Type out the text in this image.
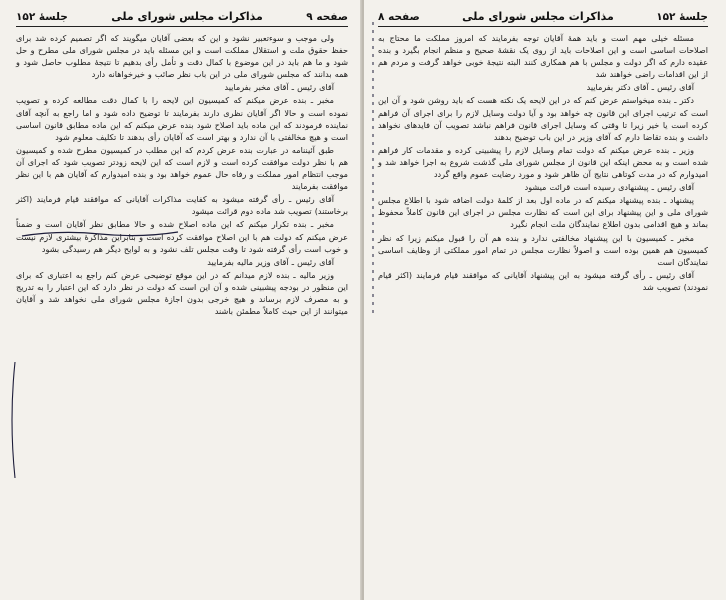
صفحه ۹
مذاکرات مجلس شورای ملی
جلسهٔ ۱۵۲

ولی موجب و سوءتعبیر نشود و این که بعضی آقایان میگویند که اگر تصمیم کرده شد برای حفظ حقوق ملت و استقلال مملکت است و این مسئله باید در مجلس شورای ملی مطرح و حل شود و ما هم باید در این موضوع با کمال دقت و تأمل رأی بدهیم تا نتیجهٔ مطلوب حاصل شود و همه بدانند که مجلس شورای ملی در این باب نظر صائب و خیرخواهانه دارد

آقای رئیس ـ آقای مخبر بفرمایید

مخبر ـ بنده عرض میکنم که کمیسیون این لایحه را با کمال دقت مطالعه کرده و تصویب نموده است و حالا اگر آقایان نظری دارند بفرمایند تا توضیح داده شود و اما راجع به آنچه آقای نماینده فرمودند که این ماده باید اصلاح شود بنده عرض میکنم که این ماده مطابق قانون اساسی است و هیچ مخالفتی با آن ندارد و بهتر است که آقایان رأی بدهند تا تکلیف معلوم شود

طبق آئیننامه در عبارت بنده عرض کردم که این مطلب در کمیسیون مطرح شده و کمیسیون هم با نظر دولت موافقت کرده است و لازم است که این لایحه زودتر تصویب شود که اجرای آن موجب انتظام امور مملکت و رفاه حال عموم خواهد بود و بنده امیدوارم که آقایان هم با این نظر موافقت بفرمایند

آقای رئیس ـ رأی گرفته میشود به کفایت مذاکرات آقایانی که موافقند قیام فرمایند (اکثر برخاستند) تصویب شد ماده دوم قرائت میشود

مخبر ـ بنده تکرار میکنم که این ماده اصلاح شده و حالا مطابق نظر آقایان است و ضمناً عرض میکنم که دولت هم با این اصلاح موافقت کرده است و بنابراین مذاکرهٔ بیشتری لازم نیست و خوب است رأی گرفته شود تا وقت مجلس تلف نشود و به لوایح دیگر هم رسیدگی بشود

آقای رئیس ـ آقای وزیر مالیه بفرمایید

وزیر مالیه ـ بنده لازم میدانم که در این موقع توضیحی عرض کنم راجع به اعتباری که برای این منظور در بودجه پیشبینی شده و آن این است که دولت در نظر دارد که این اعتبار را به تدریج و به مصرف لازم برساند و هیچ خرجی بدون اجازهٔ مجلس شورای ملی نخواهد شد و آقایان میتوانند از این حیث کاملاً مطمئن باشند

جلسهٔ ۱۵۲
مذاکرات مجلس شورای ملی
صفحه ۸

مسئله خیلی مهم است و باید همهٔ آقایان توجه بفرمایند که امروز مملکت ما محتاج به اصلاحات اساسی است و این اصلاحات باید از روی یک نقشهٔ صحیح و منظم انجام بگیرد و بنده عقیده دارم که اگر دولت و مجلس با هم همکاری کنند البته نتیجهٔ خوبی خواهد گرفت و مردم هم از این اقدامات راضی خواهند شد

آقای رئیس ـ آقای دکتر بفرمایید

دکتر ـ بنده میخواستم عرض کنم که در این لایحه یک نکته هست که باید روشن شود و آن این است که ترتیب اجرای این قانون چه خواهد بود و آیا دولت وسایل لازم را برای اجرای آن فراهم کرده است یا خیر زیرا تا وقتی که وسایل اجرای قانون فراهم نباشد تصویب آن فایدهای نخواهد داشت و بنده تقاضا دارم که آقای وزیر در این باب توضیح بدهند

وزیر ـ بنده عرض میکنم که دولت تمام وسایل لازم را پیشبینی کرده و مقدمات کار فراهم شده است و به محض اینکه این قانون از مجلس شورای ملی گذشت شروع به اجرا خواهد شد و امیدوارم که در مدت کوتاهی نتایج آن ظاهر شود و مورد رضایت عموم واقع گردد

آقای رئیس ـ پیشنهادی رسیده است قرائت میشود

پیشنهاد ـ بنده پیشنهاد میکنم که در ماده اول بعد از کلمهٔ دولت اضافه شود با اطلاع مجلس شورای ملی و این پیشنهاد برای این است که نظارت مجلس در اجرای این قانون کاملاً محفوظ بماند و هیچ اقدامی بدون اطلاع نمایندگان ملت انجام نگیرد

مخبر ـ کمیسیون با این پیشنهاد مخالفتی ندارد و بنده هم آن را قبول میکنم زیرا که نظر کمیسیون هم همین بوده است و اصولاً نظارت مجلس در تمام امور مملکتی از وظایف اساسی نمایندگان است

آقای رئیس ـ رأی گرفته میشود به این پیشنهاد آقایانی که موافقند قیام فرمایند (اکثر قیام نمودند) تصویب شد
